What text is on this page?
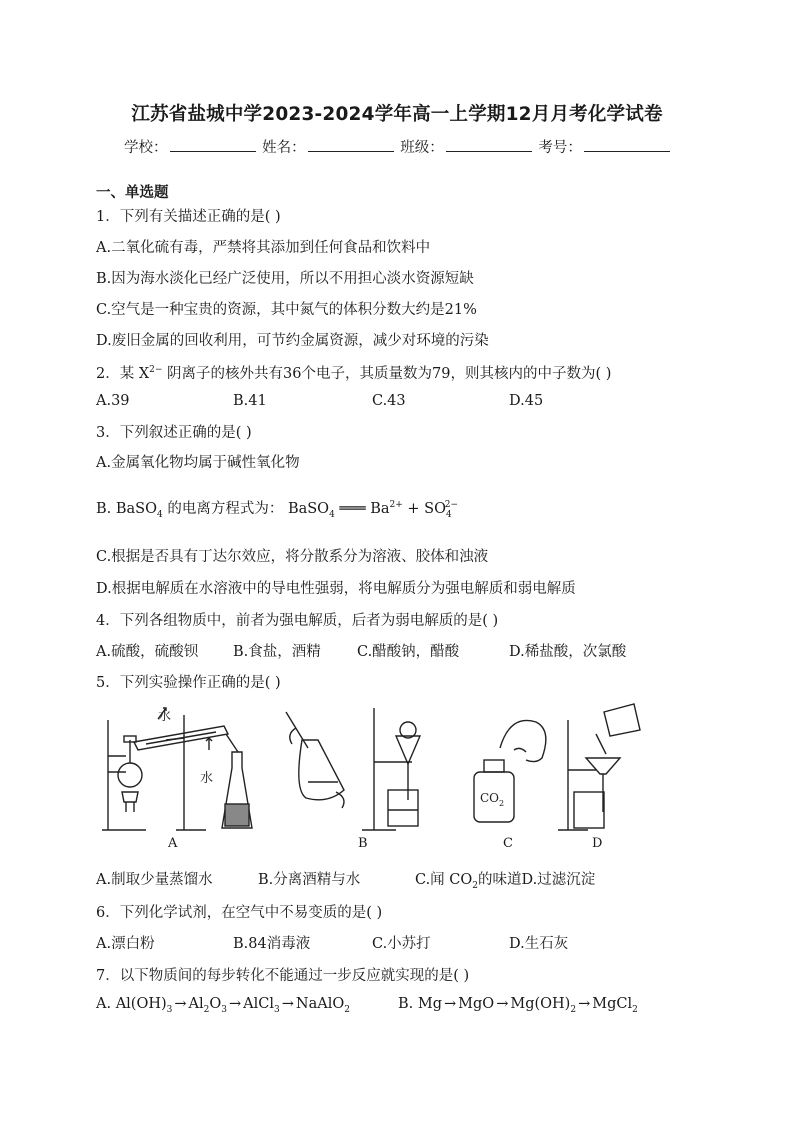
江苏省盐城中学2023-2024学年高一上学期12月月考化学试卷
学校：	姓名：	班级：	考号：
一、单选题
1．下列有关描述正确的是( )
A.二氧化硫有毒，严禁将其添加到任何食品和饮料中
B.因为海水淡化已经广泛使用，所以不用担心淡水资源短缺
C.空气是一种宝贵的资源，其中氮气的体积分数大约是21%
D.废旧金属的回收利用，可节约金属资源，减少对环境的污染
2．某 $X^{2-}$ 阴离子的核外共有36个电子，其质量数为79，则其核内的中子数为( )
A.39	B.41	C.43	D.45
3．下列叙述正确的是( )
A.金属氧化物均属于碱性氧化物
B. BaSO$_4$ 的电离方程式为： BaSO$_4$ ═══ $Ba^{2+} + SO_4^{2-}$
C.根据是否具有丁达尔效应，将分散系分为溶液、胶体和浊液
D.根据电解质在水溶液中的导电性强弱，将电解质分为强电解质和弱电解质
4．下列各组物质中，前者为强电解质，后者为弱电解质的是( )
A.硫酸，硫酸钡 B.食盐，酒精 C.醋酸钠，醋酸	D.稀盐酸，次氯酸
5．下列实验操作正确的是( )
水
水
$CO_2$
A	B	C	D
A.制取少量蒸馏水	B.分离酒精与水	C.闻 $CO_2$的味道D.过滤沉淀
6．下列化学试剂，在空气中不易变质的是( )
A.漂白粉	B.84消毒液	C.小苏打	D.生石灰
7．以下物质间的每步转化不能通过一步反应就实现的是( )
A. $Al(OH)_3 \to Al_2O_3$ → AlCl$_3$ → NaAlO$_2$	B. Mg → MgO → $Mg(OH)_2$ → MgCl$_2$
